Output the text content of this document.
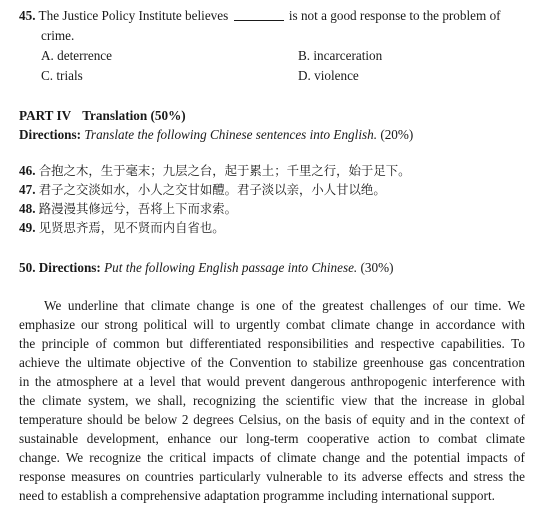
45. The Justice Policy Institute believes	is not a good response to the problem of
crime.
A. deterrence	B. incarceration
C. trials	D. violence
PART IV Translation (50%)
Directions: Translate the following Chinese sentences into English. (20%)
46. 合抱之木，生于毫末；九层之台，起于累土；千里之行，始于足下。
47. 君子之交淡如水，小人之交甘如醴。君子淡以亲，小人甘以绝。
48. 路漫漫其修远兮，吾将上下而求索。
49. 见贤思齐焉，见不贤而内自省也。
50. Directions: Put the following English passage into Chinese. (30%)
We underline that climate change is one of the greatest challenges of our time. We
emphasize our strong political will to urgently combat climate change in accordance with
the principle of common but differentiated responsibilities and respective capabilities. To
achieve the ultimate objective of the Convention to stabilize greenhouse gas concentration
in the atmosphere at a level that would prevent dangerous anthropogenic interference with
the climate system, we shall, recognizing the scientific view that the increase in global
temperature should be below 2 degrees Celsius, on the basis of equity and in the context of
sustainable development, enhance our long-term cooperative action to combat climate
change. We recognize the critical impacts of climate change and the potential impacts of
response measures on countries particularly vulnerable to its adverse effects and stress the
need to establish a comprehensive adaptation programme including international support.
